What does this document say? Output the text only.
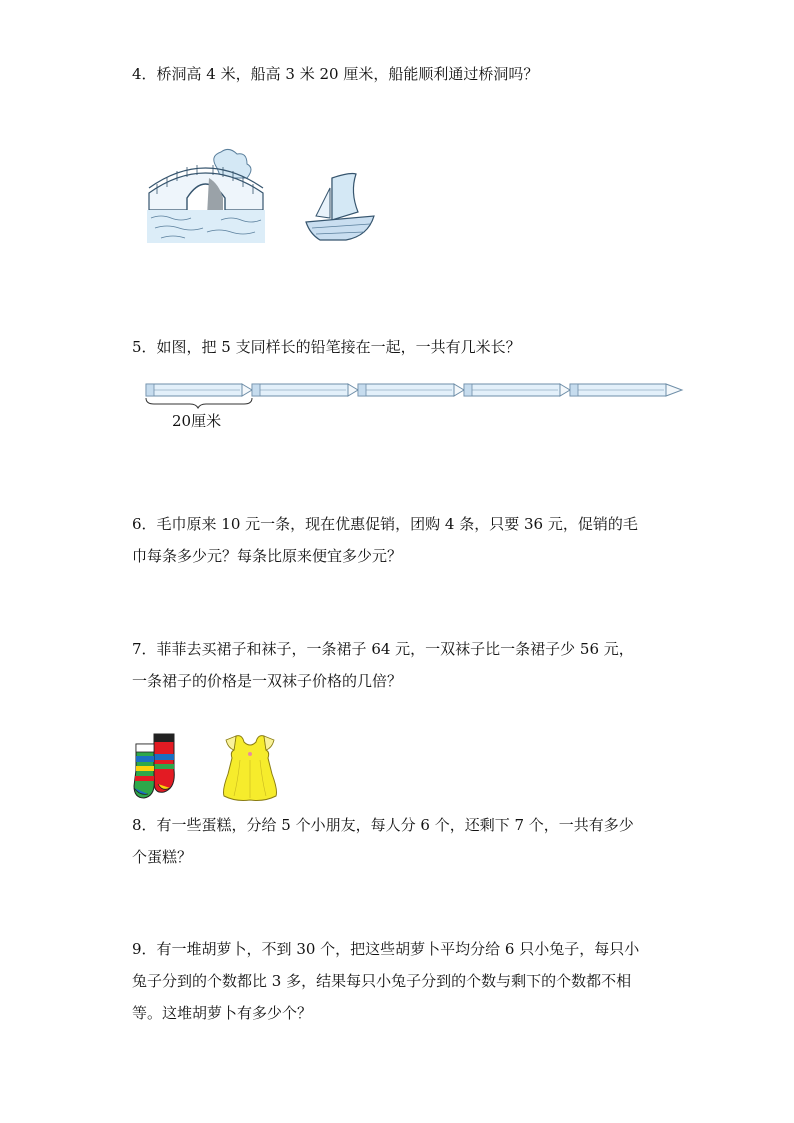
4．桥洞高 4 米，船高 3 米 20 厘米，船能顺利通过桥洞吗？

5．如图，把 5 支同样长的铅笔接在一起，一共有几米长？

20厘米

6．毛巾原来 10 元一条，现在优惠促销，团购 4 条，只要 36 元，促销的毛
巾每条多少元？每条比原来便宜多少元？

7．菲菲去买裙子和袜子，一条裙子 64 元，一双袜子比一条裙子少 56 元，
一条裙子的价格是一双袜子价格的几倍？

8．有一些蛋糕，分给 5 个小朋友，每人分 6 个，还剩下 7 个，一共有多少
个蛋糕？

9．有一堆胡萝卜，不到 30 个，把这些胡萝卜平均分给 6 只小兔子，每只小
兔子分到的个数都比 3 多，结果每只小兔子分到的个数与剩下的个数都不相
等。这堆胡萝卜有多少个？
